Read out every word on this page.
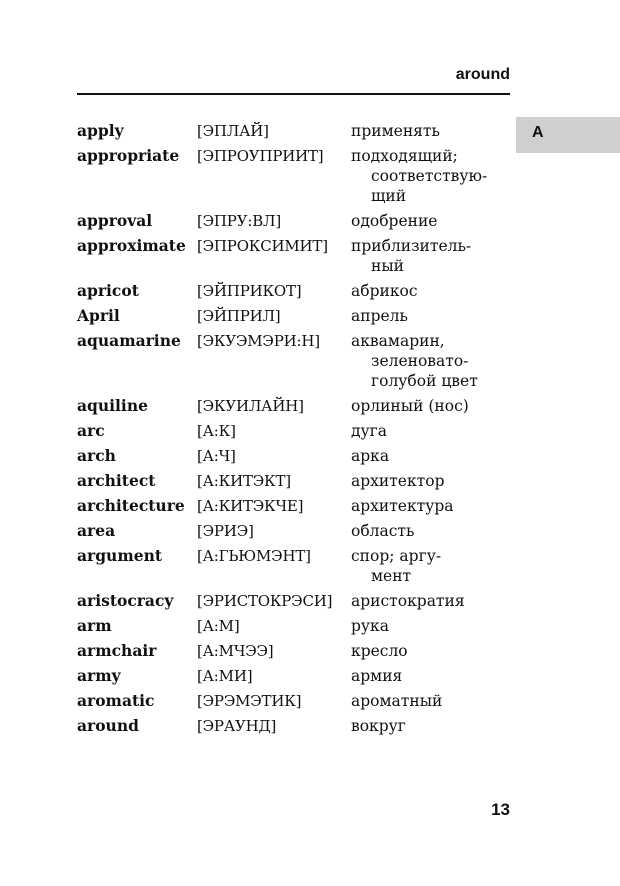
around
A
apply	[ЭПЛАЙ]	применять
appropriate	[ЭПРОУПРИИТ]	подходящий;
соответствую-
щий
approval	[ЭПРУ:ВЛ]	одобрение
approximate [ЭПРОКСИМИТ]	приблизитель-
ный
apricot	[ЭЙПРИКОТ]	абрикос
April	[ЭЙПРИЛ]	апрель
aquamarine	[ЭКУЭМЭРИ:Н]	аквамарин,
зеленовато-
голубой цвет
aquiline	[ЭКУИЛАЙН]	орлиный (нос)
arc	[А:К]	дуга
arch	[А:Ч]	арка
architect	[А:КИТЭКТ]	архитектор
architecture [А:КИТЭКЧЕ]	архитектура
area	[ЭРИЭ]	область
argument	[А:ГЬЮМЭНТ]	спор; аргу-
мент
aristocracy	[ЭРИСТОКРЭСИ]	аристократия
arm	[А:М]	рука
armchair	[А:МЧЭЭ]	кресло
army	[А:МИ]	армия
aromatic	[ЭРЭМЭТИК]	ароматный
around	[ЭРАУНД]	вокруг
13
